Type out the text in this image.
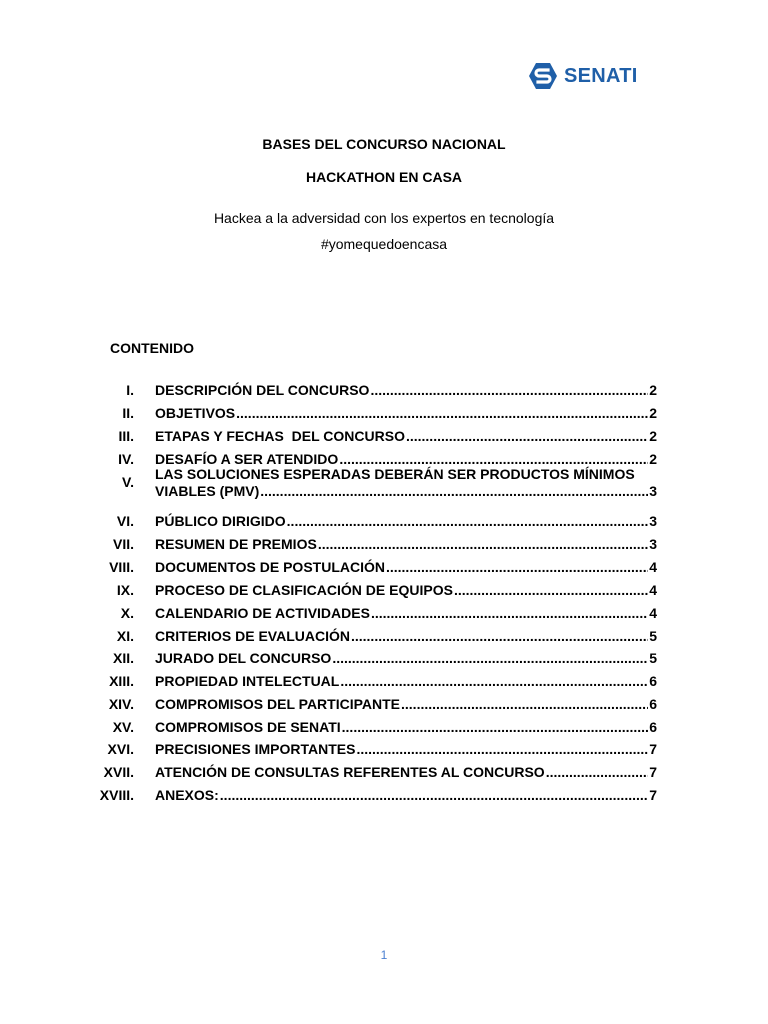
SENATI
BASES DEL CONCURSO NACIONAL
HACKATHON EN CASA
Hackea a la adversidad con los expertos en tecnología
#yomequedoencasa
CONTENIDO
I. DESCRIPCIÓN DEL CONCURSO .....	2
II. OBJETIVOS .....	2
III. ETAPAS Y FECHAS  DEL CONCURSO .....	2
IV. DESAFÍO A SER ATENDIDO .....	2
V. LAS SOLUCIONES ESPERADAS DEBERÁN SER PRODUCTOS MÍNIMOS
VIABLES (PMV) .....	3
VI. PÚBLICO DIRIGIDO .....	3
VII. RESUMEN DE PREMIOS .....	3
VIII. DOCUMENTOS DE POSTULACIÓN .....	4
IX. PROCESO DE CLASIFICACIÓN DE EQUIPOS .....	4
X. CALENDARIO DE ACTIVIDADES .....	4
XI. CRITERIOS DE EVALUACIÓN .....	5
XII. JURADO DEL CONCURSO .....	5
XIII. PROPIEDAD INTELECTUAL .....	6
XIV. COMPROMISOS DEL PARTICIPANTE .....	6
XV. COMPROMISOS DE SENATI .....	6
XVI. PRECISIONES IMPORTANTES .....	7
XVII. ATENCIÓN DE CONSULTAS REFERENTES AL CONCURSO .....	7
XVIII. ANEXOS: .....	7
1
